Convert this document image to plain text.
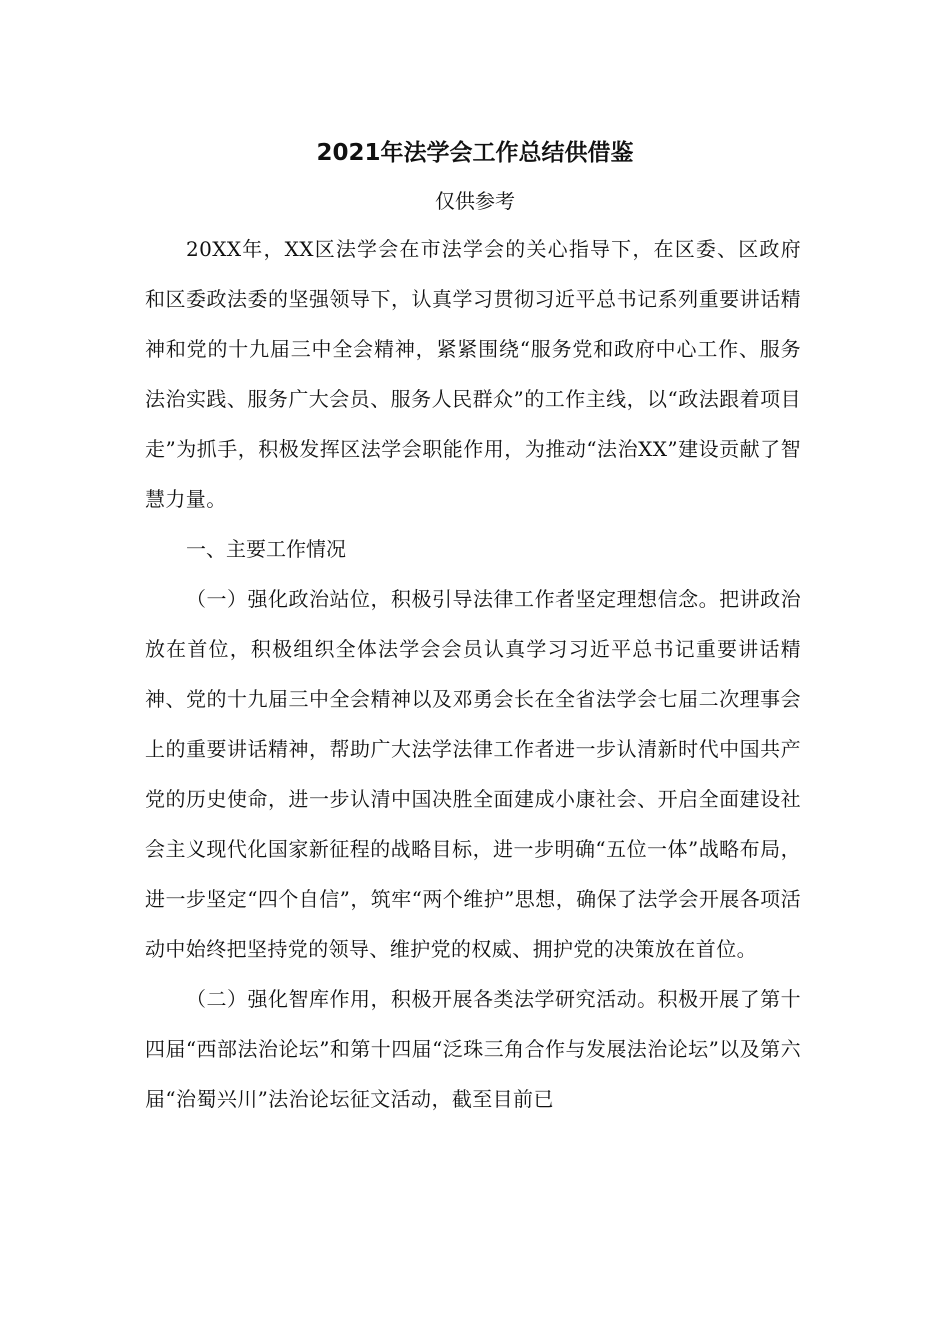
2021年法学会工作总结供借鉴
仅供参考

20XX年，XX区法学会在市法学会的关心指导下，在区委、区政府和区委政法委的坚强领导下，认真学习贯彻习近平总书记系列重要讲话精神和党的十九届三中全会精神，紧紧围绕“服务党和政府中心工作、服务法治实践、服务广大会员、服务人民群众”的工作主线，以“政法跟着项目走”为抓手，积极发挥区法学会职能作用，为推动“法治XX”建设贡献了智慧力量。

一、主要工作情况

（一）强化政治站位，积极引导法律工作者坚定理想信念。把讲政治放在首位，积极组织全体法学会会员认真学习习近平总书记重要讲话精神、党的十九届三中全会精神以及邓勇会长在全省法学会七届二次理事会上的重要讲话精神，帮助广大法学法律工作者进一步认清新时代中国共产党的历史使命，进一步认清中国决胜全面建成小康社会、开启全面建设社会主义现代化国家新征程的战略目标，进一步明确“五位一体”战略布局，进一步坚定“四个自信”，筑牢“两个维护”思想，确保了法学会开展各项活动中始终把坚持党的领导、维护党的权威、拥护党的决策放在首位。

（二）强化智库作用，积极开展各类法学研究活动。积极开展了第十四届“西部法治论坛”和第十四届“泛珠三角合作与发展法治论坛”以及第六届“治蜀兴川”法治论坛征文活动，截至目前已
